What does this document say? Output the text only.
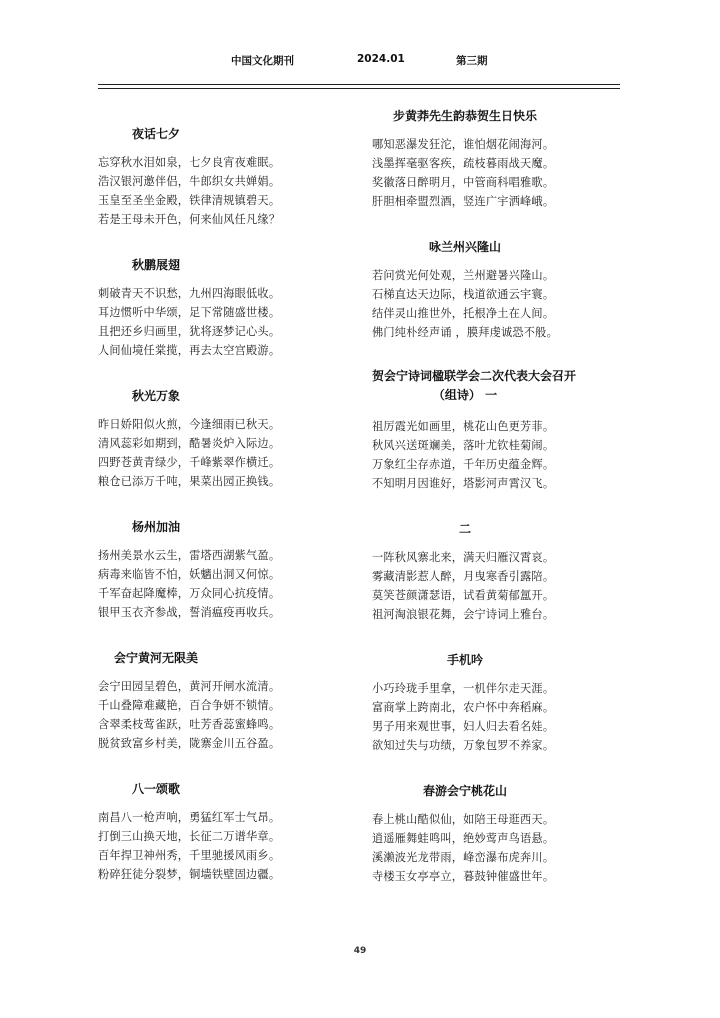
中国文化期刊	2024.01	第三期
夜话七夕
忘穿秋水泪如泉，七夕良宵夜难眠。
浩汉银河邀伴侣，牛郎织女共婵娟。
玉皇至圣坐金殿，铁律清规镇碧天。
若是王母未开色，何来仙风任凡缘？
秋鹏展翅
刺破青天不识愁，九州四海眼低收。
耳边惯听中华颂，足下常随盛世楼。
且把还乡归画里，犹将逐梦记心头。
人间仙境任棠揽，再去太空宫殿游。
秋光万象
昨日娇阳似火煎，今逢细雨已秋天。
清风蕊彩如期到，酷暑炎炉入际边。
四野苍黄青绿少，千峰紫翠作横迁。
粮仓已添万千吨，果菜出园正换钱。
杨州加油
扬州美景水云生，雷塔西湖紫气盈。
病毒来临皆不怕，妖魑出洞又何惊。
千军奋起降魔棒，万众同心抗疫情。
银甲玉衣齐参战，誓消瘟疫再收兵。
会宁黄河无限美
会宁田园呈碧色，黄河开闸水流清。
千山叠障难藏艳，百合争妍不锁情。
含翠柔枝莺雀跃，吐芳香蕊蜜蜂鸣。
脱贫致富乡村美，陇寨金川五谷盈。
八一颂歌
南昌八一枪声响，勇猛红军士气昂。
打倒三山换天地，长征二万谱华章。
百年捍卫神州秀，千里驰援风雨乡。
粉碎狂徒分裂梦，铜墙铁壁固边疆。
步黄莽先生韵恭贺生日快乐
哪知恶瀑发狂沱，谁怕烟花闹海河。
浅墨挥毫驱客疾，疏枝暮雨战天魔。
奖徽落日醉明月，中管商科唱雅歌。
肝胆相牵盟烈酒，竖连广宇洒峰峨。
咏兰州兴隆山
若问赏光何处观，兰州避暑兴隆山。
石梯直达天边际，栈道欲通云宇寰。
结伴灵山推世外，托根净土在人间。
佛门纯朴经声诵 ，膜拜虔诚恐不般。
贺会宁诗词楹联学会二次代表大会召开
（组诗） 一
祖厉霞光如画里，桃花山色更芳菲。
秋风兴送斑斓美，落叶尤钦桂菊闹。
万象红尘存赤道，千年历史蕴金辉。
不知明月因谁好，塔影河声霄汉飞。
二
一阵秋风寨北来，满天归雁汉霄哀。
雾藏清影惹人醉，月曳寒香引露陪。
莫笑苍颜潇瑟语，试看黄菊郁氲开。
祖河淘浪银花舞，会宁诗词上雅台。
手机吟
小巧玲珑手里拿，一机伴尔走天涯。
富商掌上跨南北，农户怀中奔稻麻。
男子用来观世事，妇人归去看名娃。
欲知过失与功绩，万象包罗不养家。
春游会宁桃花山
春上桃山酷似仙，如陪王母逛西天。
逍遥雁舞蛙鸣叫，绝妙莺声鸟语悬。
溪濑波光龙带雨，峰峦瀑布虎奔川。
寺楼玉女亭亭立，暮鼓钟催盛世年。
49
